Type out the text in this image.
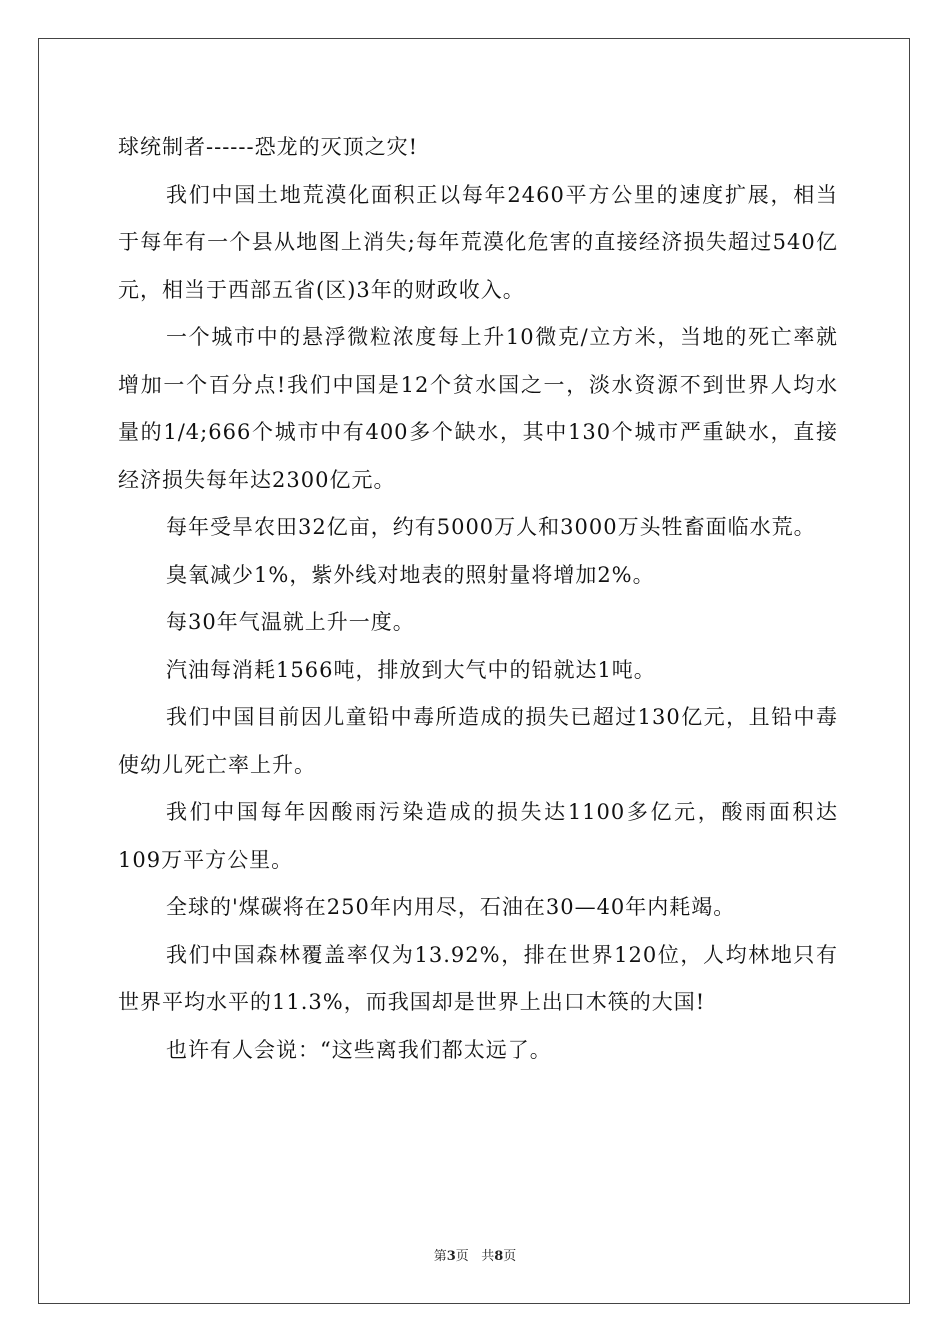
球统制者------恐龙的灭顶之灾!

我们中国土地荒漠化面积正以每年2460平方公里的速度扩展，相当于每年有一个县从地图上消失;每年荒漠化危害的直接经济损失超过540亿元，相当于西部五省(区)3年的财政收入。

一个城市中的悬浮微粒浓度每上升10微克/立方米，当地的死亡率就增加一个百分点!我们中国是12个贫水国之一，淡水资源不到世界人均水量的1/4;666个城市中有400多个缺水，其中130个城市严重缺水，直接经济损失每年达2300亿元。

每年受旱农田32亿亩，约有5000万人和3000万头牲畜面临水荒。

臭氧减少1%，紫外线对地表的照射量将增加2%。

每30年气温就上升一度。

汽油每消耗1566吨，排放到大气中的铅就达1吨。

我们中国目前因儿童铅中毒所造成的损失已超过130亿元，且铅中毒使幼儿死亡率上升。

我们中国每年因酸雨污染造成的损失达1100多亿元，酸雨面积达109万平方公里。

全球的'煤碳将在250年内用尽，石油在30—40年内耗竭。

我们中国森林覆盖率仅为13.92%，排在世界120位，人均林地只有世界平均水平的11.3%，而我国却是世界上出口木筷的大国!

也许有人会说：“这些离我们都太远了。

第3页 共8页
